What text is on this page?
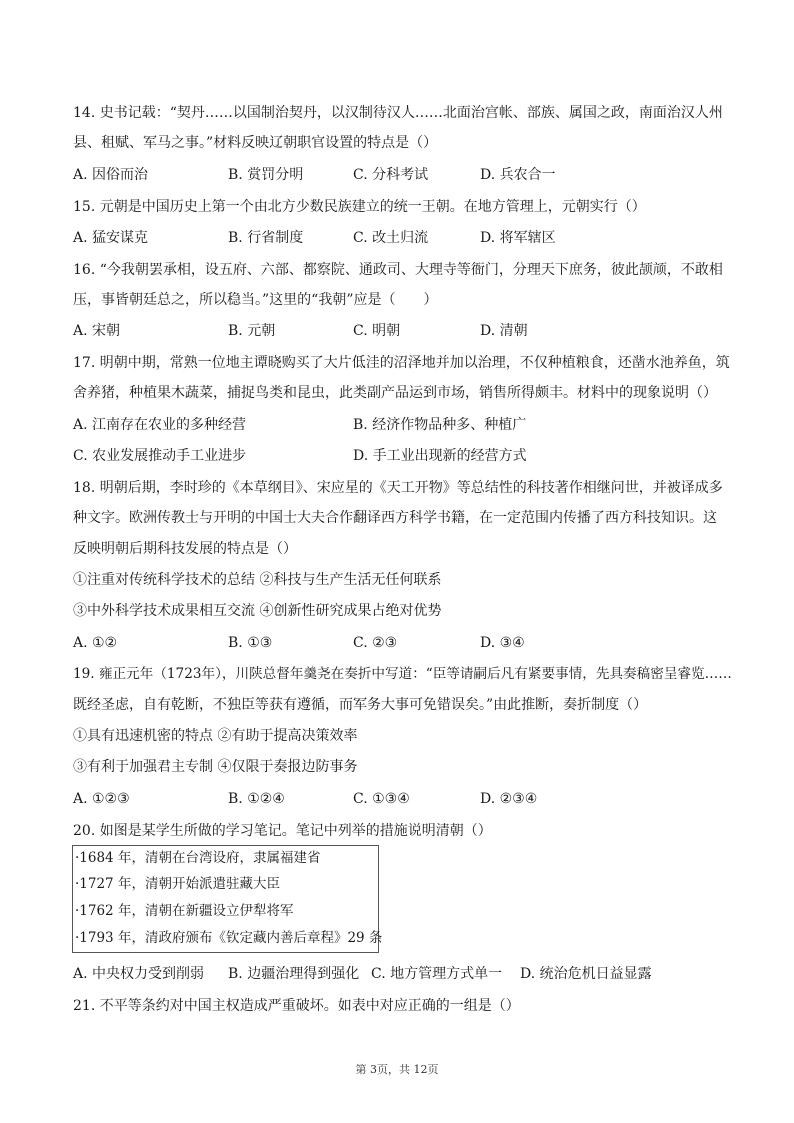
14. 史书记载：“契丹……以国制治契丹，以汉制待汉人……北面治宫帐、部族、属国之政，南面治汉人州
县、租赋、军马之事。”材料反映辽朝职官设置的特点是（）
A. 因俗而治	B. 赏罚分明	C. 分科考试	D. 兵农合一
15. 元朝是中国历史上第一个由北方少数民族建立的统一王朝。在地方管理上，元朝实行（）
A. 猛安谋克	B. 行省制度	C. 改土归流	D. 将军辖区
16. “今我朝罢承相，设五府、六部、都察院、通政司、大理寺等衙门，分理天下庶务，彼此颉颃，不敢相
压，事皆朝廷总之，所以稳当。”这里的“我朝”应是（　　）
A. 宋朝	B. 元朝	C. 明朝	D. 清朝
17. 明朝中期，常熟一位地主谭晓购买了大片低洼的沼泽地并加以治理，不仅种植粮食，还凿水池养鱼，筑
舍养猪，种植果木蔬菜，捕捉鸟类和昆虫，此类副产品运到市场，销售所得颇丰。材料中的现象说明（）
A. 江南存在农业的多种经营	B. 经济作物品种多、种植广
C. 农业发展推动手工业进步	D. 手工业出现新的经营方式
18. 明朝后期，李时珍的《本草纲目》、宋应星的《天工开物》等总结性的科技著作相继问世，并被译成多
种文字。欧洲传教士与开明的中国士大夫合作翻译西方科学书籍，在一定范围内传播了西方科技知识。这
反映明朝后期科技发展的特点是（）
①注重对传统科学技术的总结 ②科技与生产生活无任何联系
③中外科学技术成果相互交流 ④创新性研究成果占绝对优势
A. ①②	B. ①③	C. ②③	D. ③④
19. 雍正元年（1723年），川陕总督年羹尧在奏折中写道：“臣等请嗣后凡有紧要事情，先具奏稿密呈睿览……
既经圣虑，自有乾断，不独臣等获有遵循，而军务大事可免错误矣。”由此推断，奏折制度（）
①具有迅速机密的特点 ②有助于提高决策效率
③有利于加强君主专制 ④仅限于奏报边防事务
A. ①②③	B. ①②④	C. ①③④	D. ②③④
20. 如图是某学生所做的学习笔记。笔记中列举的措施说明清朝（）
·1684 年，清朝在台湾设府，隶属福建省
·1727 年，清朝开始派遣驻藏大臣
·1762 年，清朝在新疆设立伊犁将军
·1793 年，清政府颁布《钦定藏内善后章程》29 条
A. 中央权力受到削弱 B. 边疆治理得到强化 C. 地方管理方式单一 D. 统治危机日益显露
21. 不平等条约对中国主权造成严重破坏。如表中对应正确的一组是（）
第 3页，共 12页
